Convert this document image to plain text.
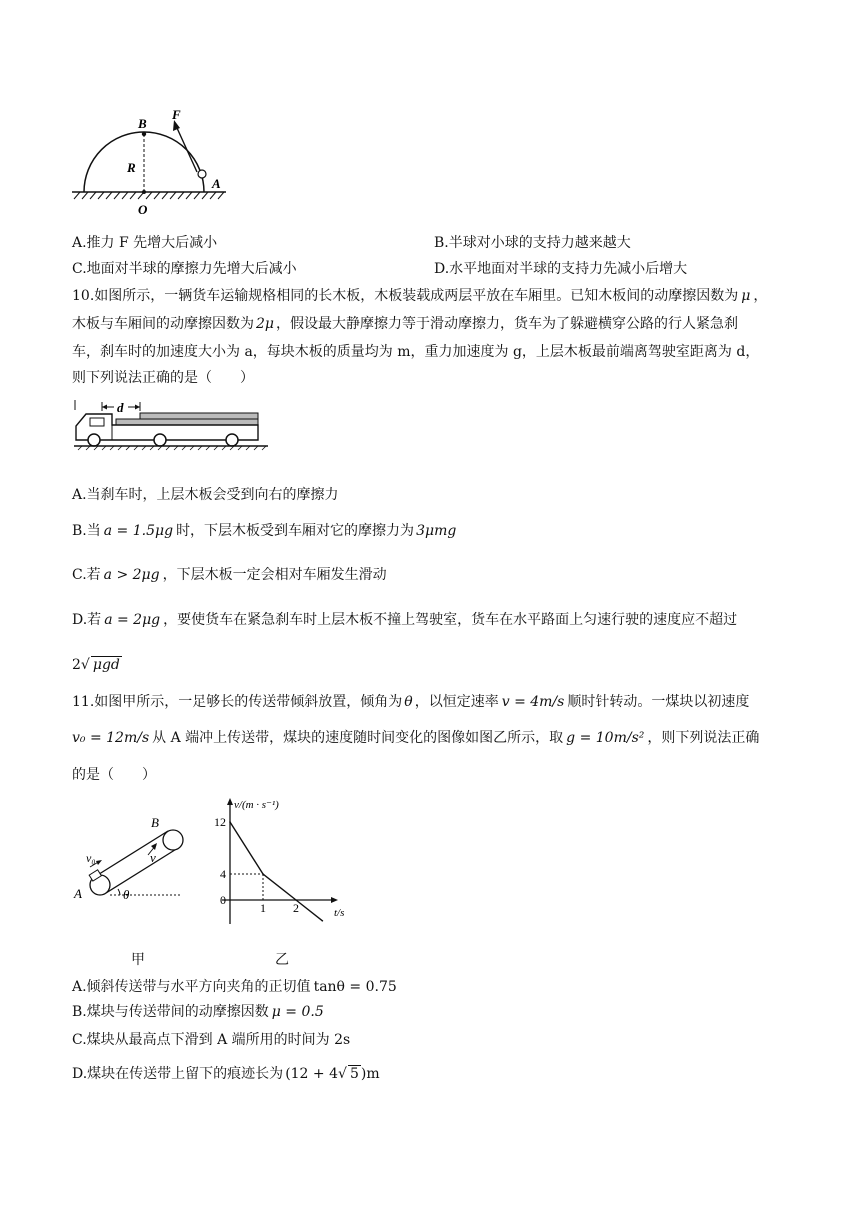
B
F
R
A
O
A.推力 F 先增大后减小	B.半球对小球的支持力越来越大
C.地面对半球的摩擦力先增大后减小	D.水平地面对半球的支持力先减小后增大
10.如图所示，一辆货车运输规格相同的长木板，木板装载成两层平放在车厢里。已知木板间的动摩擦因数为 μ ，
木板与车厢间的动摩擦因数为 2μ ，假设最大静摩擦力等于滑动摩擦力，货车为了躲避横穿公路的行人紧急刹
车，刹车时的加速度大小为 a，每块木板的质量均为 m，重力加速度为 g，上层木板最前端离驾驶室距离为 d，
则下列说法正确的是（　　）
d
A.当刹车时，上层木板会受到向右的摩擦力
B.当 a = 1.5μg 时，下层木板受到车厢对它的摩擦力为 3μmg
C.若 a > 2μg ，下层木板一定会相对车厢发生滑动
D.若 a = 2μg ，要使货车在紧急刹车时上层木板不撞上驾驶室，货车在水平路面上匀速行驶的速度应不超过
2√ μgd
11.如图甲所示，一足够长的传送带倾斜放置，倾角为 θ ，以恒定速率 v = 4m/s 顺时针转动。一煤块以初速度
v₀ = 12m/s 从 A 端冲上传送带，煤块的速度随时间变化的图像如图乙所示，取 g = 10m/s² ，则下列说法正确
的是（　　）
B
v
v₀
A	θ
v/(m · s⁻¹)
t/s
12
4
0
1 2
甲	乙
A.倾斜传送带与水平方向夹角的正切值 tanθ = 0.75
B.煤块与传送带间的动摩擦因数 μ = 0.5
C.煤块从最高点下滑到 A 端所用的时间为 2s
D.煤块在传送带上留下的痕迹长为 (12 + 4√ 5 )m
